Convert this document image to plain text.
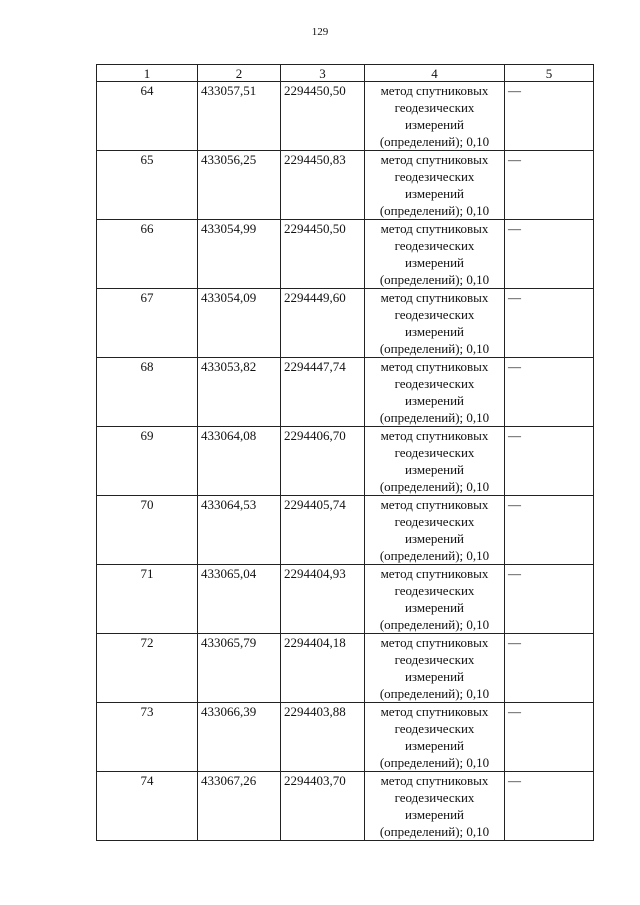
129
1	2	3	4	5
64	433057,51	2294450,50	метод спутниковых
геодезических
измерений
(определений); 0,10	—
65	433056,25	2294450,83	метод спутниковых
геодезических
измерений
(определений); 0,10	—
66	433054,99	2294450,50	метод спутниковых
геодезических
измерений
(определений); 0,10	—
67	433054,09	2294449,60	метод спутниковых
геодезических
измерений
(определений); 0,10	—
68	433053,82	2294447,74	метод спутниковых
геодезических
измерений
(определений); 0,10	—
69	433064,08	2294406,70	метод спутниковых
геодезических
измерений
(определений); 0,10	—
70	433064,53	2294405,74	метод спутниковых
геодезических
измерений
(определений); 0,10	—
71	433065,04	2294404,93	метод спутниковых
геодезических
измерений
(определений); 0,10	—
72	433065,79	2294404,18	метод спутниковых
геодезических
измерений
(определений); 0,10	—
73	433066,39	2294403,88	метод спутниковых
геодезических
измерений
(определений); 0,10	—
74	433067,26	2294403,70	метод спутниковых
геодезических
измерений
(определений); 0,10	—
